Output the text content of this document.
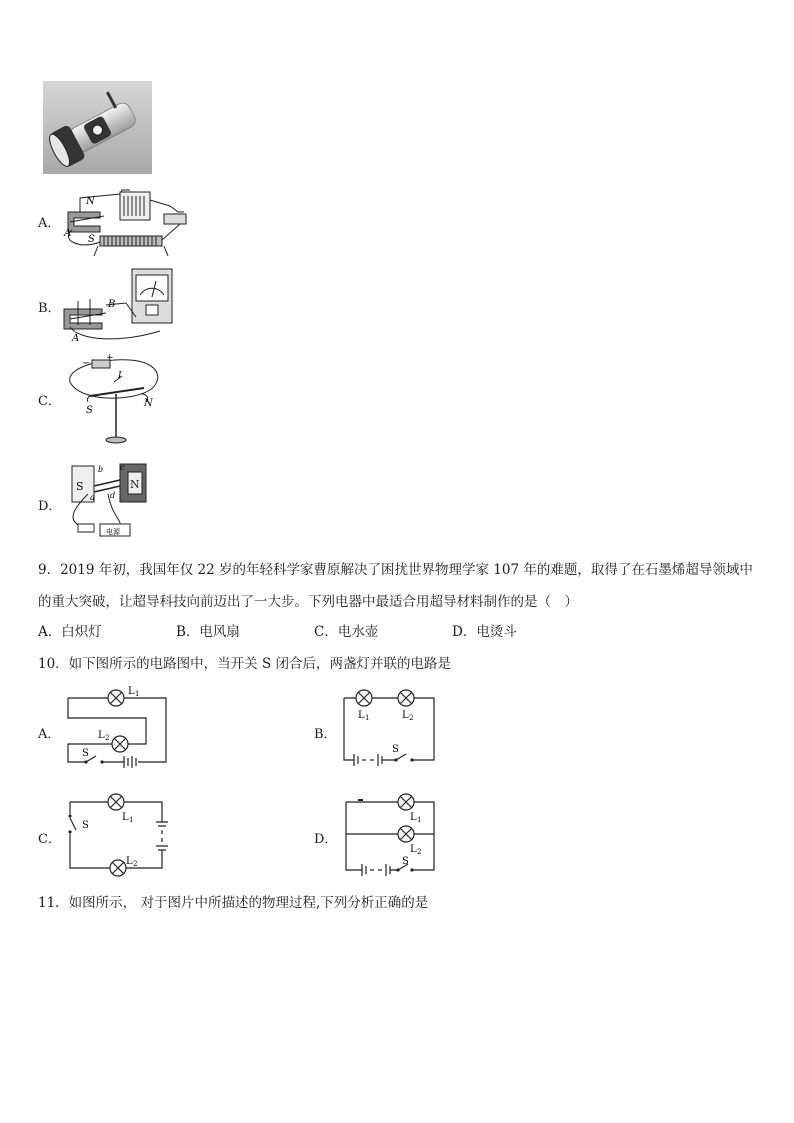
A．
N
S
A
B．
A
B
C．
− +
I
S
N
D．
S	N
b c
a d
电源
9．2019 年初，我国年仅 22 岁的年轻科学家曹原解决了困扰世界物理学家 107 年的难题，取得了在石墨烯超导领域中
的重大突破，让超导科技向前迈出了一大步。下列电器中最适合用超导材料制作的是（　）
A．白炽灯	B．电风扇	C．电水壶	D．电烫斗
10．如下图所示的电路图中，当开关 S 闭合后，两盏灯并联的电路是
A．
L 1
L 2
S
B．
L 1	L 2
S
C．
L 1
L 2
S
D．
L 1
L 2
S
11．如图所示， 对于图片中所描述的物理过程,下列分析正确的是
